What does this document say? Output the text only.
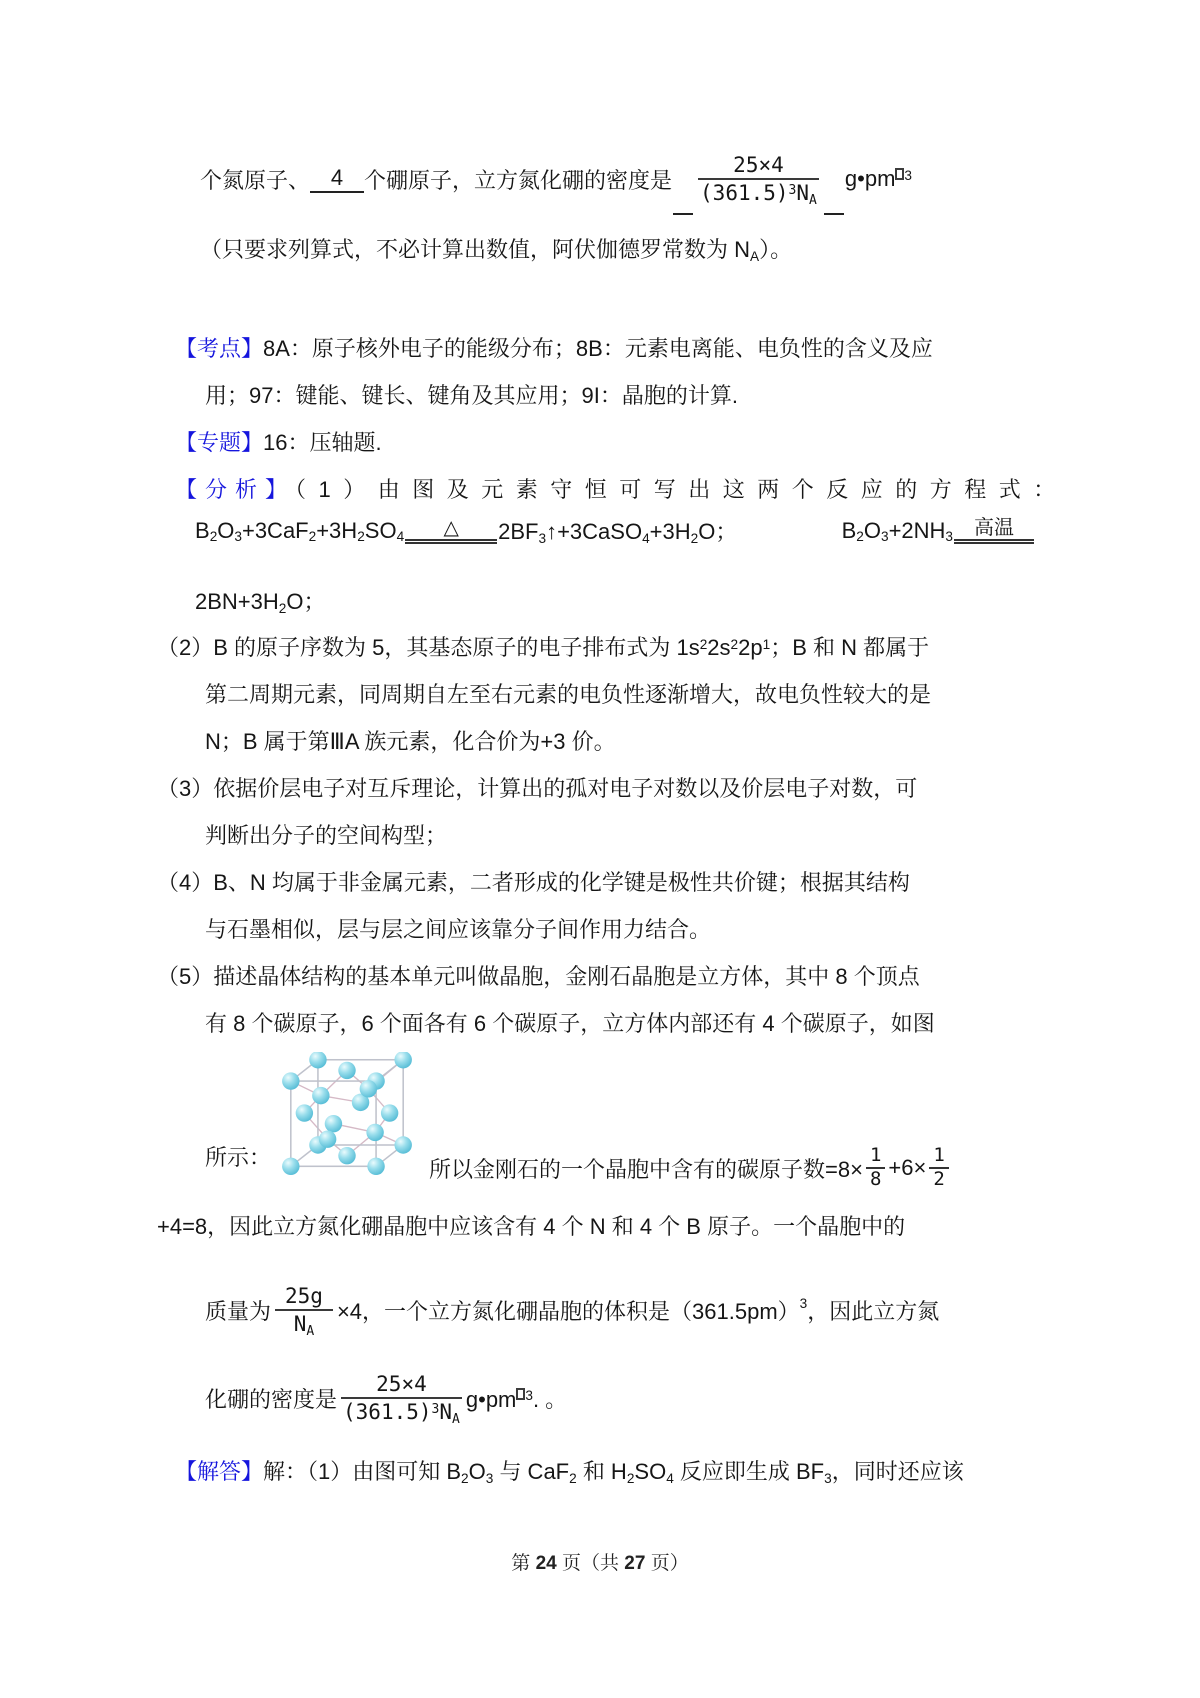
个氮原子、 4 个硼原子，立方氮化硼的密度是 $\frac{25\times 4}{(361.5)^3N_A}$ g•pm $^3$
（只要求列算式，不必计算出数值，阿伏伽德罗常数为 $N_A$）。
【考点】8A：原子核外电子的能级分布；8B：元素电离能、电负性的含义及应
用；97：键能、键长、键角及其应用；9I：晶胞的计算.
【专题】16：压轴题.
【分析】（1）由图及元素守恒可写出这两个反应的方程式：
$B_2O_3+3CaF_2+3H_2SO_4$ △ $2BF_3↑+3CaSO_4+3H_2O$；	$B_2O_3+2NH_3$ 高温
$2BN+3H_2O$；
（2）B 的原子序数为 5，其基态原子的电子排布式为 $1s^22s^22p^1$；B 和 N 都属于
第二周期元素，同周期自左至右元素的电负性逐渐增大，故电负性较大的是
N；B 属于第ⅢA 族元素，化合价为+3 价。
（3）依据价层电子对互斥理论，计算出的孤对电子对数以及价层电子对数，可
判断出分子的空间构型；
（4）B、N 均属于非金属元素，二者形成的化学键是极性共价键；根据其结构
与石墨相似，层与层之间应该靠分子间作用力结合。
（5）描述晶体结构的基本单元叫做晶胞，金刚石晶胞是立方体，其中 8 个顶点
有 8 个碳原子，6 个面各有 6 个碳原子，立方体内部还有 4 个碳原子，如图
所示：	所以金刚石的一个晶胞中含有的碳原子数$=8\times \frac{1}{8} +6\times \frac{1}{2}$
+4=8，因此立方氮化硼晶胞中应该含有 4 个 N 和 4 个 B 原子。一个晶胞中的
质量为 $\frac{25g}{N_A} \times 4$，一个立方氮化硼晶胞的体积是$(361.5pm)^3$ ，因此立方氮
化硼的密度是 $\frac{25\times 4}{(361.5)^3N_A}$ g•pm $^3$. 。
【解答】解：（1）由图可知 $B_2O_3$ 与 CaF$_2$ 和 $H_2SO_4$ 反应即生成 $BF_3$，同时还应该
第 24 页（共 27 页）
